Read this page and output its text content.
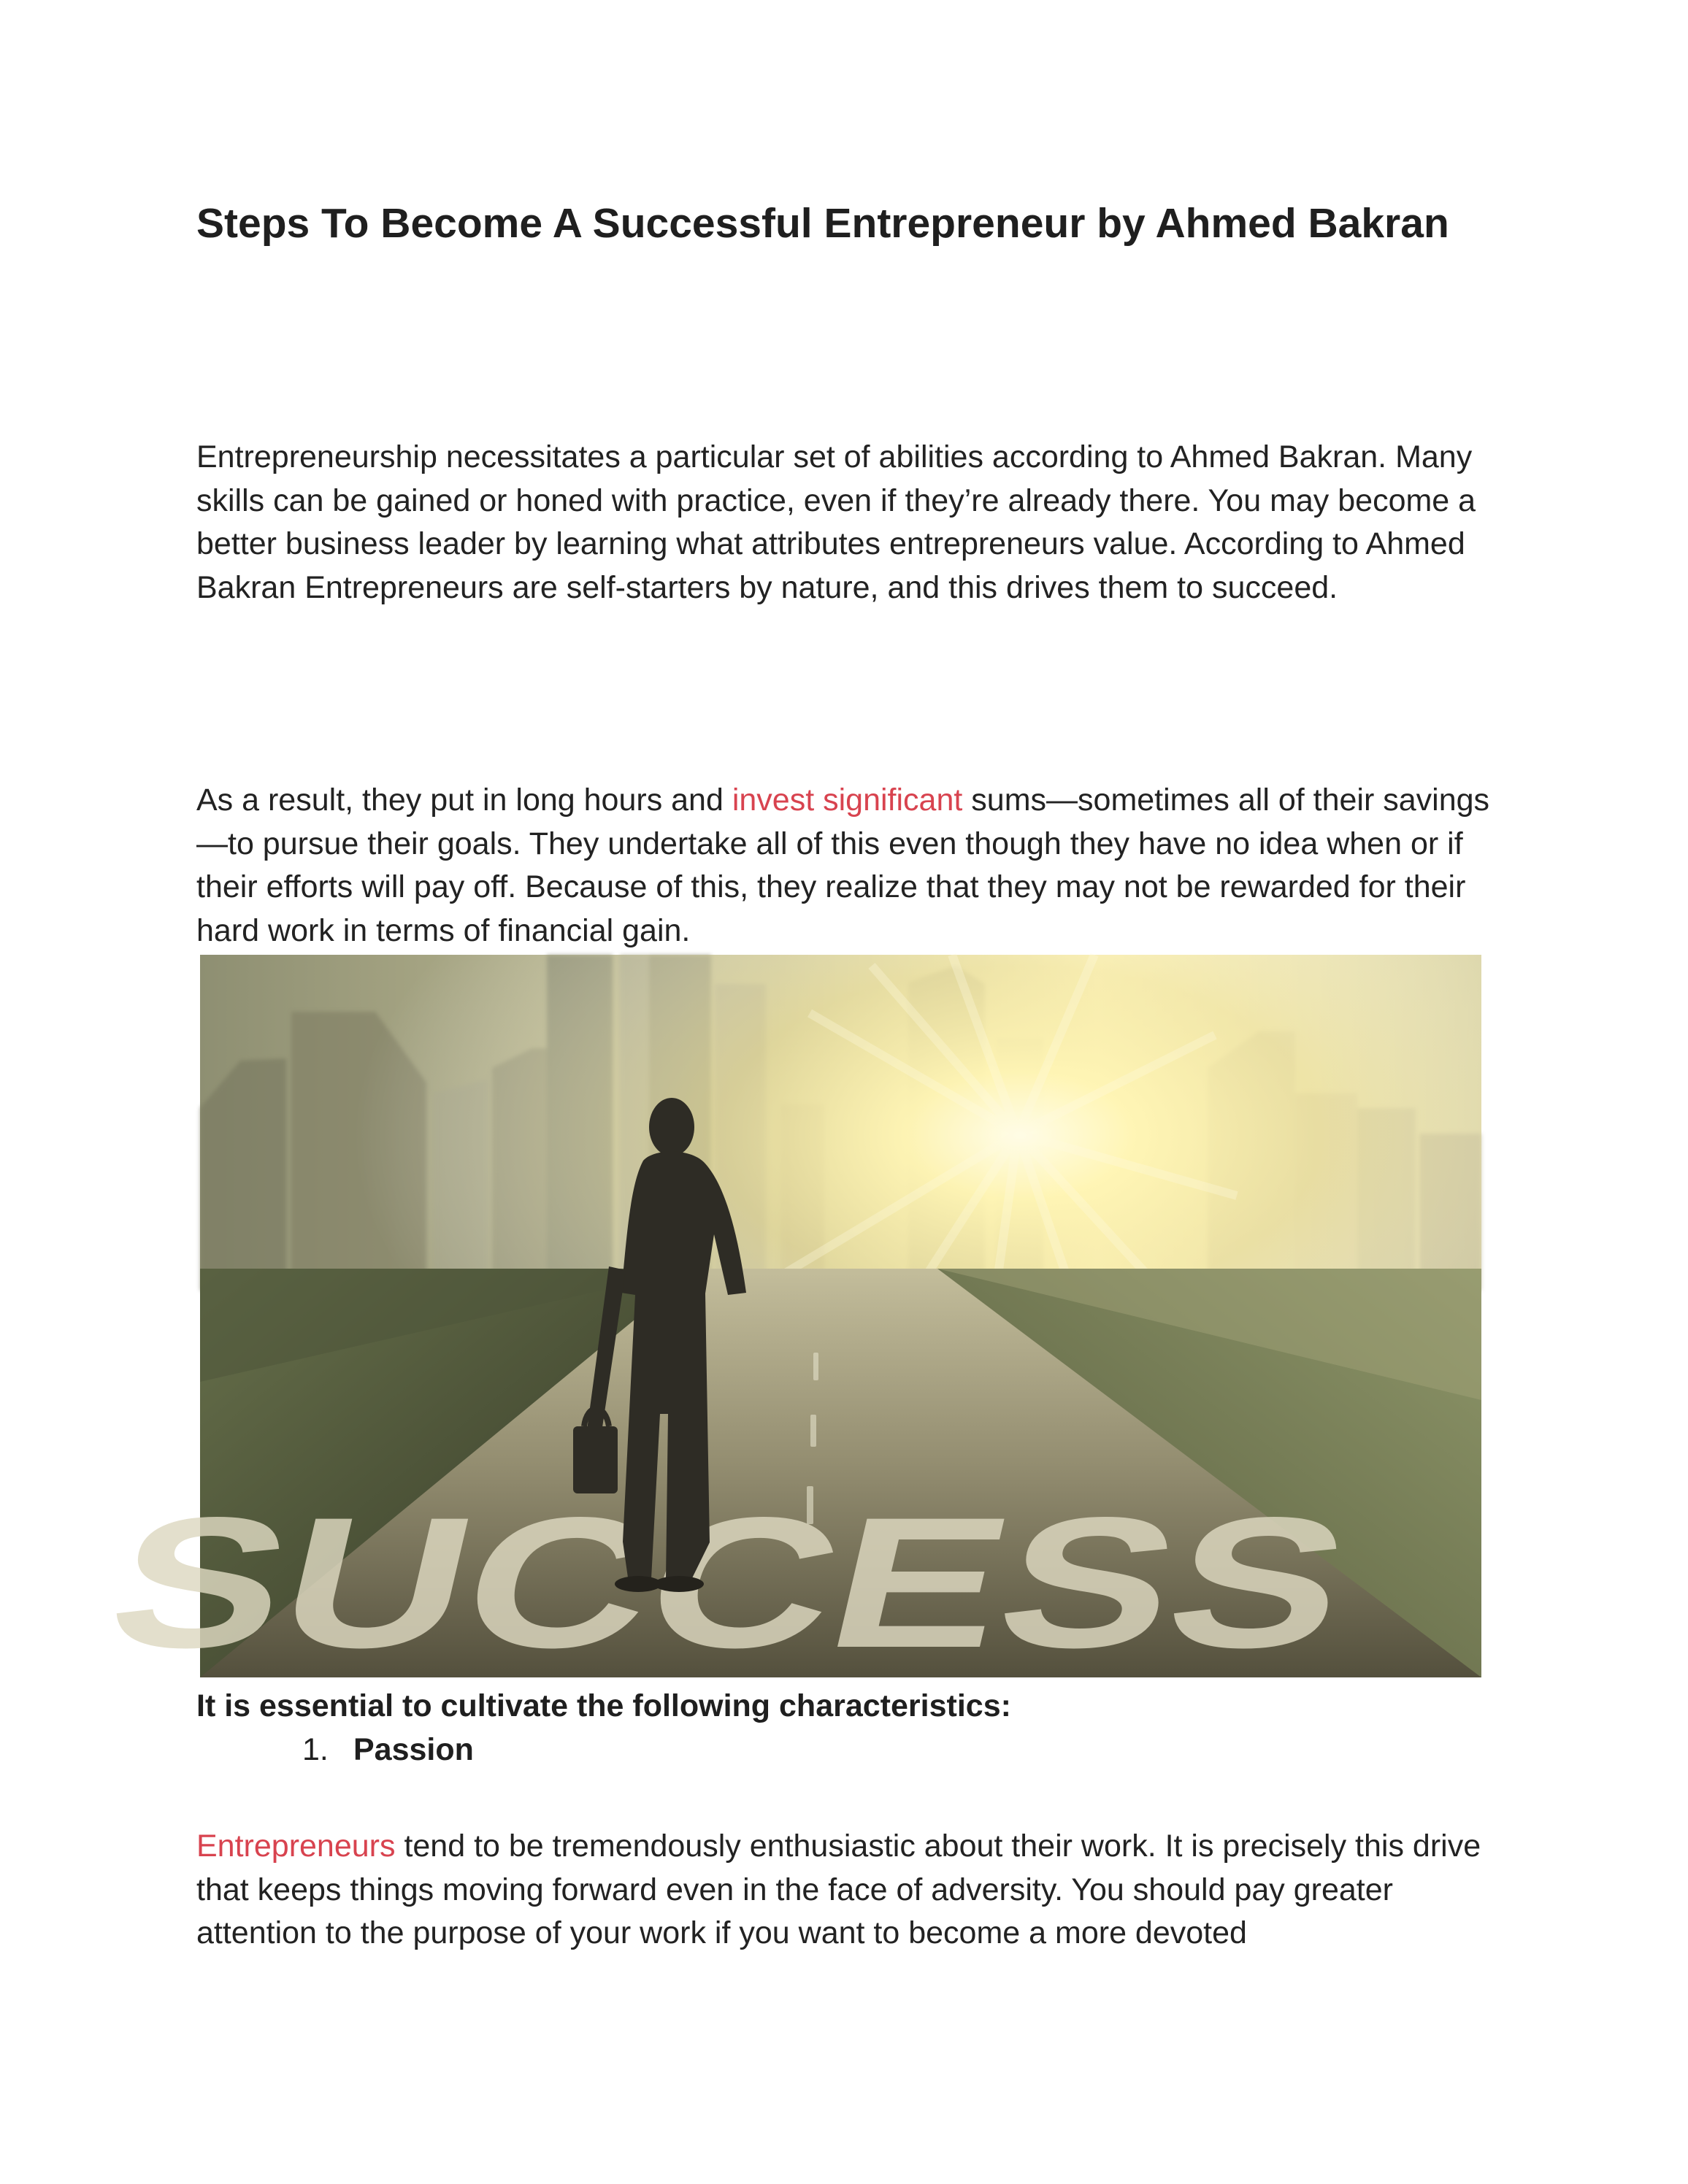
Steps To Become A Successful Entrepreneur by Ahmed Bakran

Entrepreneurship necessitates a particular set of abilities according to Ahmed Bakran. Many skills can be gained or honed with practice, even if they’re already there. You may become a better business leader by learning what attributes entrepreneurs value. According to Ahmed Bakran Entrepreneurs are self-starters by nature, and this drives them to succeed.

As a result, they put in long hours and invest significant sums—sometimes all of their savings—to pursue their goals. They undertake all of this even though they have no idea when or if their efforts will pay off. Because of this, they realize that they may not be rewarded for their hard work in terms of financial gain.

SUCCESS
It is essential to cultivate the following characteristics:
1. Passion

Entrepreneurs tend to be tremendously enthusiastic about their work. It is precisely this drive that keeps things moving forward even in the face of adversity. You should pay greater attention to the purpose of your work if you want to become a more devoted
